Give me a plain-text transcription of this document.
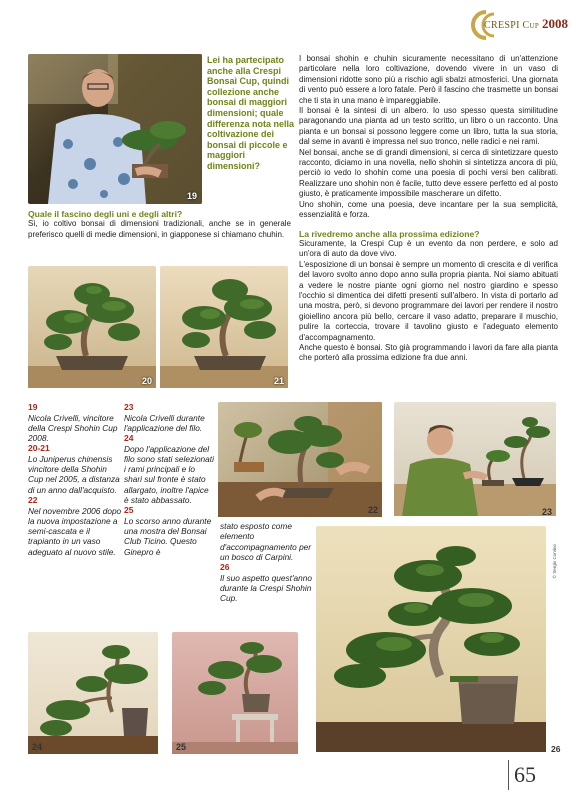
CRESPI Cup 2008
19
Lei ha partecipato anche alla Crespi Bonsai Cup, quindi collezione anche bonsai di maggiori dimensioni; quale differenza nota nella coltivazione dei bonsai di piccole e maggiori dimensioni?

Quale il fascino degli uni e degli altri?

Sì, io coltivo bonsai di dimensioni tradizionali, anche se in generale preferisco quelli di medie dimensioni, in giapponese si chiamano chuhin.

I bonsai shohin e chuhin sicuramente necessitano di un'attenzione particolare nella loro coltivazione, dovendo vivere in un vaso di dimensioni ridotte sono più a rischio agli sbalzi atmosferici. Una giornata di vento può essere a loro fatale. Però il fascino che trasmette un bonsai che ti sta in una mano è impareggiabile.

Il bonsai è la sintesi di un albero. Io uso spesso questa similitudine paragonando una pianta ad un testo scritto, un libro o un racconto. Una pianta e un bonsai si possono leggere come un libro, tutta la sua storia, dal seme in avanti è impressa nel suo tronco, nelle radici e nei rami.

Nel bonsai, anche se di grandi dimensioni, si cerca di sintetizzare questo racconto, diciamo in una novella, nello shohin si sintetizza ancora di più, perciò io vedo lo shohin come una poesia di pochi versi ben calibrati. Realizzare uno shohin non è facile, tutto deve essere perfetto ed al posto giusto, è praticamente impossibile mascherare un difetto.

Uno shohin, come una poesia, deve incantare per la sua semplicità, essenzialità e forza.

La rivedremo anche alla prossima edizione?

Sicuramente, la Crespi Cup è un evento da non perdere, e solo ad un'ora di auto da dove vivo.

L'esposizione di un bonsai è sempre un momento di crescita e di verifica del lavoro svolto anno dopo anno sulla propria pianta. Noi siamo abituati a vedere le nostre piante ogni giorno nel nostro giardino e spesso l'occhio si dimentica dei difetti presenti sull'albero. In vista di portarlo ad una mostra, però, si devono programmare dei lavori per rendere il nostro gioiellino ancora più bello, cercare il vaso adatto, preparare il muschio, pulire la corteccia, trovare il tavolino giusto e l'adeguato elemento d'accompagnamento.

Anche questo è bonsai. Sto già programmando i lavori da fare alla pianta che porterò alla prossima edizione fra due anni.

20	21
19
Nicola Crivelli, vincitore della Crespi Shohin Cup 2008.
20-21
Lo Juniperus chinensis vincitore della Shohin Cup nel 2005, a distanza di un anno dall'acquisto.
22
Nel novembre 2006 dopo la nuova impostazione a semi-cascata e il trapianto in un vaso adeguato al nuovo stile.
23
Nicola Crivelli durante l'applicazione del filo.
24
Dopo l'applicazione del filo sono stati selezionati i rami principali e lo shari sul fronte è stato allargato, inoltre l'apice è stato abbassato.
25
Lo scorso anno durante una mostra del Bonsai Club Ticino. Questo Ginepro è
stato esposto come elemento d'accompagnamento per un bosco di Carpini.
26
Il suo aspetto quest'anno durante la Crespi Shohin Cup.
22	23
© Sergio Corvino
26
24	25
65
